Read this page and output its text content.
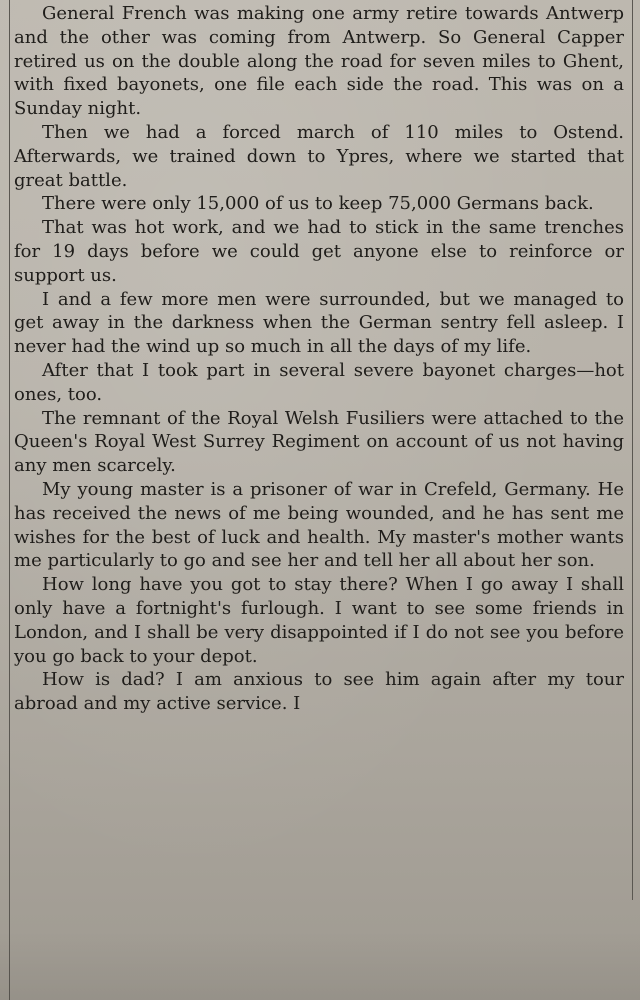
General French was making one army retire towards Antwerp and the other was coming from Antwerp. So General Capper retired us on the double along the road for seven miles to Ghent, with fixed bayonets, one file each side the road. This was on a Sunday night.

Then we had a forced march of 110 miles to Ostend. Afterwards, we trained down to Ypres, where we started that great battle.

There were only 15,000 of us to keep 75,000 Germans back.

That was hot work, and we had to stick in the same trenches for 19 days before we could get anyone else to reinforce or support us.

I and a few more men were surrounded, but we managed to get away in the darkness when the German sentry fell asleep. I never had the wind up so much in all the days of my life.

After that I took part in several severe bayonet charges—hot ones, too.

The remnant of the Royal Welsh Fusiliers were attached to the Queen's Royal West Surrey Regiment on account of us not having any men scarcely.

My young master is a prisoner of war in Crefeld, Germany. He has received the news of me being wounded, and he has sent me wishes for the best of luck and health. My master's mother wants me particularly to go and see her and tell her all about her son.

How long have you got to stay there? When I go away I shall only have a fortnight's furlough. I want to see some friends in London, and I shall be very disappointed if I do not see you before you go back to your depot.

How is dad? I am anxious to see him again after my tour abroad and my active service. I
